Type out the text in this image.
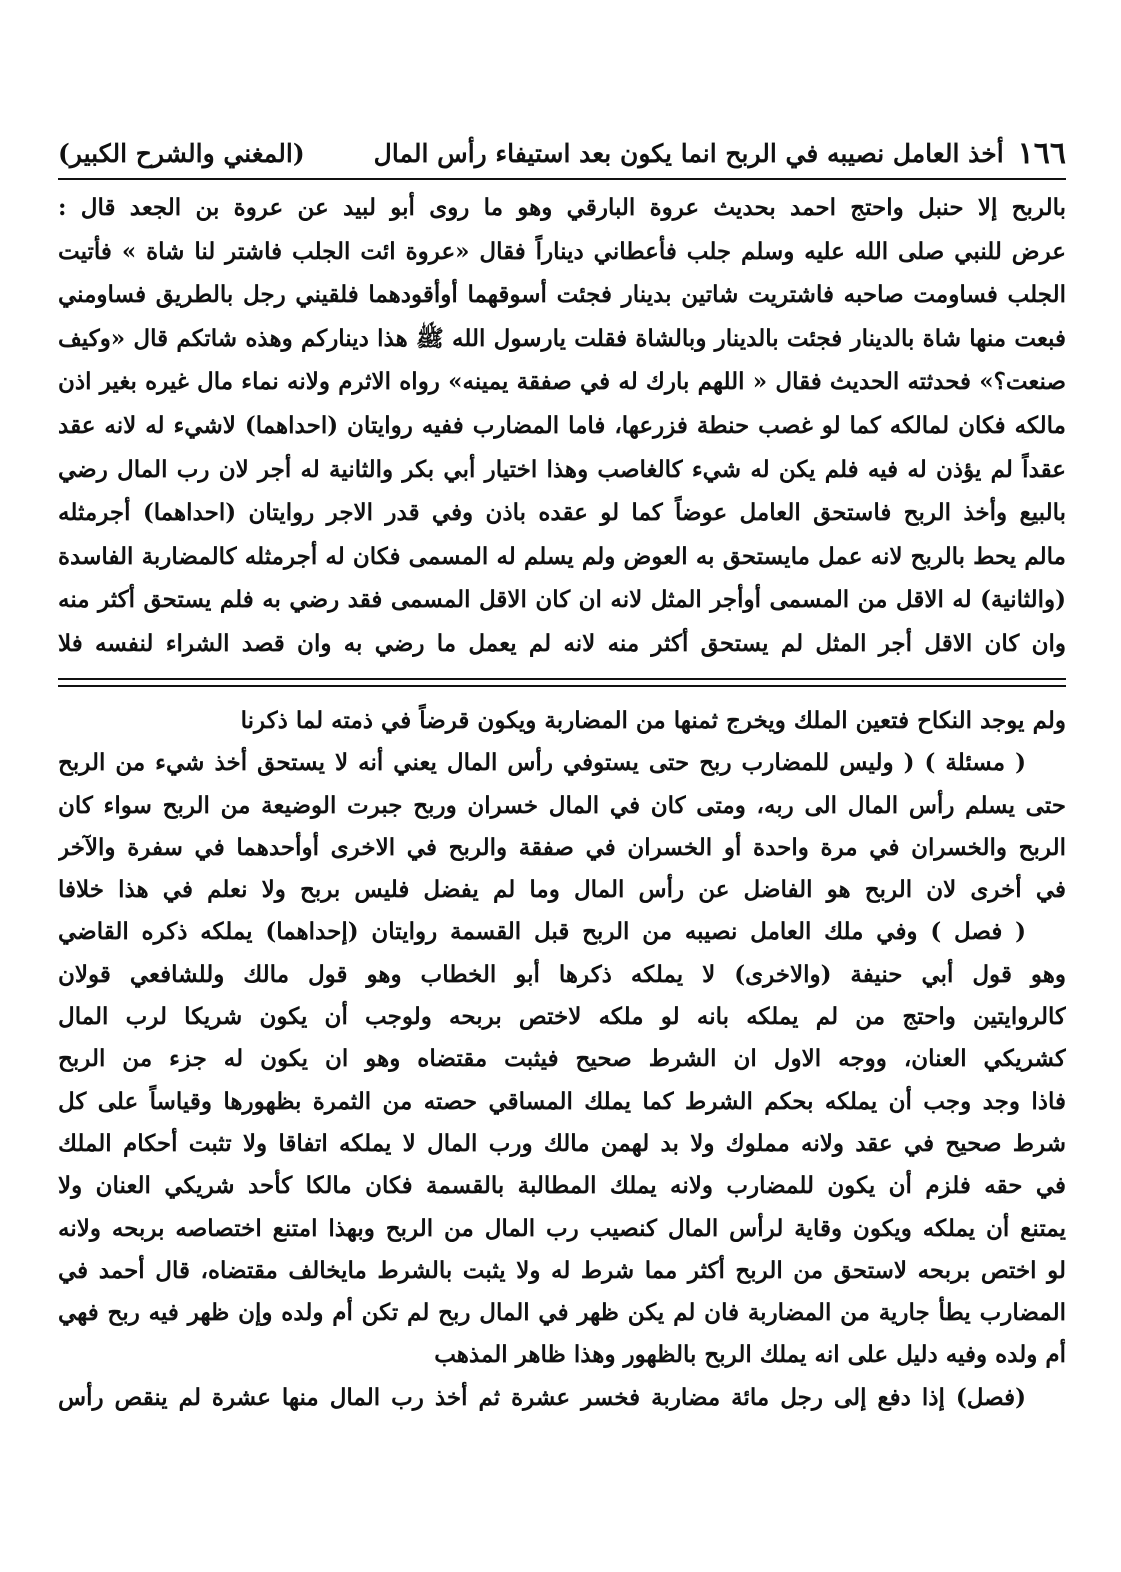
١٦٦
أخذ العامل نصيبه في الربح انما يكون بعد استيفاء رأس المال
(المغني والشرح الكبير)
بالربح إلا حنبل واحتج احمد بحديث عروة البارقي وهو ما روى أبو لبيد عن عروة بن الجعد قال :
عرض للنبي صلى الله عليه وسلم جلب فأعطاني ديناراً فقال «عروة ائت الجلب فاشتر لنا شاة » فأتيت
الجلب فساومت صاحبه فاشتريت شاتين بدينار فجئت أسوقهما أوأقودهما فلقيني رجل بالطريق فساومني
فبعت منها شاة بالدينار فجئت بالدينار وبالشاة فقلت يارسول الله ﷺ هذا دينارکم وهذه شاتكم قال «وكيف
صنعت؟» فحدثته الحديث فقال « اللهم بارك له في صفقة يمينه» رواه الاثرم ولانه نماء مال غيره بغير اذن
مالكه فكان لمالكه كما لو غصب حنطة فزرعها، فاما المضارب ففيه روايتان (احداهما) لاشيء له لانه عقد
عقداً لم يؤذن له فيه فلم يكن له شيء كالغاصب وهذا اختيار أبي بكر والثانية له أجر لان رب المال رضي
بالبيع وأخذ الربح فاستحق العامل عوضاً كما لو عقده باذن وفي قدر الاجر روايتان (احداهما) أجرمثله
مالم يحط بالربح لانه عمل مايستحق به العوض ولم يسلم له المسمى فكان له أجرمثله كالمضاربة الفاسدة
(والثانية) له الاقل من المسمى أوأجر المثل لانه ان كان الاقل المسمى فقد رضي به فلم يستحق أكثر منه
وان كان الاقل أجر المثل لم يستحق أكثر منه لانه لم يعمل ما رضي به وان قصد الشراء لنفسه فلا
ولم يوجد النكاح فتعين الملك ويخرج ثمنها من المضاربة ويكون قرضاً في ذمته لما ذكرنا
( مسئلة ) ( وليس للمضارب ربح حتى يستوفي رأس المال يعني أنه لا يستحق أخذ شيء من الربح
حتى يسلم رأس المال الى ربه، ومتى كان في المال خسران وربح جبرت الوضيعة من الربح سواء كان
الربح والخسران في مرة واحدة أو الخسران في صفقة والربح في الاخرى أوأحدهما في سفرة والآخر
في أخرى لان الربح هو الفاضل عن رأس المال وما لم يفضل فليس بربح ولا نعلم في هذا خلافا
( فصل ) وفي ملك العامل نصيبه من الربح قبل القسمة روايتان (إحداهما) يملكه ذكره القاضي
وهو قول أبي حنيفة (والاخرى) لا يملكه ذكرها أبو الخطاب وهو قول مالك وللشافعي قولان
كالروايتين واحتج من لم يملكه بانه لو ملكه لاختص بربحه ولوجب أن يكون شريكا لرب المال
كشريكي العنان، ووجه الاول ان الشرط صحيح فيثبت مقتضاه وهو ان يكون له جزء من الربح
فاذا وجد وجب أن يملكه بحكم الشرط كما يملك المساقي حصته من الثمرة بظهورها وقياساً على كل
شرط صحيح في عقد ولانه مملوك ولا بد لهمن مالك ورب المال لا يملكه اتفاقا ولا تثبت أحكام الملك
في حقه فلزم أن يكون للمضارب ولانه يملك المطالبة بالقسمة فكان مالكا كأحد شريكي العنان ولا
يمتنع أن يملكه ويكون وقاية لرأس المال كنصيب رب المال من الربح وبهذا امتنع اختصاصه بربحه ولانه
لو اختص بربحه لاستحق من الربح أكثر مما شرط له ولا يثبت بالشرط مايخالف مقتضاه، قال أحمد في
المضارب يطأ جارية من المضاربة فان لم يكن ظهر في المال ربح لم تكن أم ولده وإن ظهر فيه ربح فهي
أم ولده وفيه دليل على انه يملك الربح بالظهور وهذا ظاهر المذهب
(فصل) إذا دفع إلى رجل مائة مضاربة فخسر عشرة ثم أخذ رب المال منها عشرة لم ينقص رأس
